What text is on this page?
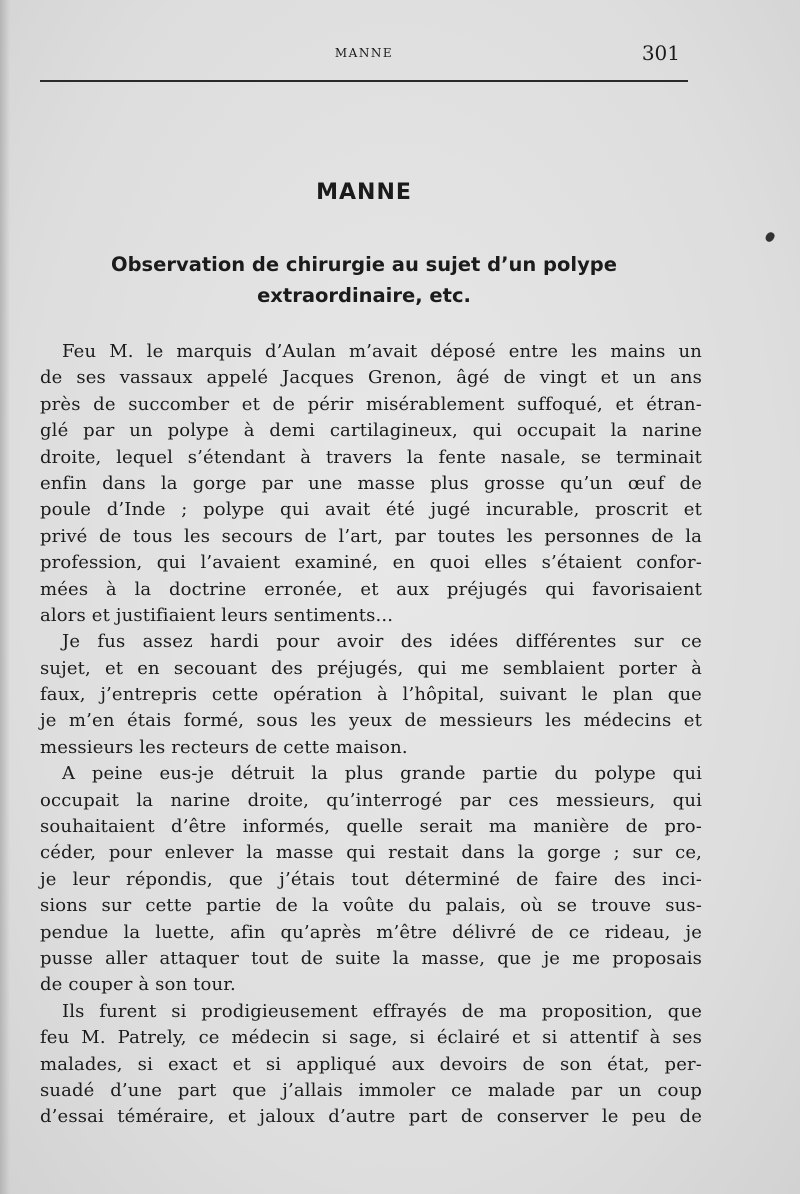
MANNE	301
MANNE
Observation de chirurgie au sujet d’un polype
extraordinaire, etc.
Feu M. le marquis d’Aulan m’avait déposé entre les mains un
de ses vassaux appelé Jacques Grenon, âgé de vingt et un ans
près de succomber et de périr misérablement suffoqué, et étran-
glé par un polype à demi cartilagineux, qui occupait la narine
droite, lequel s’étendant à travers la fente nasale, se terminait
enfin dans la gorge par une masse plus grosse qu’un œuf de
poule d’Inde ; polype qui avait été jugé incurable, proscrit et
privé de tous les secours de l’art, par toutes les personnes de la
profession, qui l’avaient examiné, en quoi elles s’étaient confor-
mées à la doctrine erronée, et aux préjugés qui favorisaient
alors et justifiaient leurs sentiments...
Je fus assez hardi pour avoir des idées différentes sur ce
sujet, et en secouant des préjugés, qui me semblaient porter à
faux, j’entrepris cette opération à l’hôpital, suivant le plan que
je m’en étais formé, sous les yeux de messieurs les médecins et
messieurs les recteurs de cette maison.
A peine eus-je détruit la plus grande partie du polype qui
occupait la narine droite, qu’interrogé par ces messieurs, qui
souhaitaient d’être informés, quelle serait ma manière de pro-
céder, pour enlever la masse qui restait dans la gorge ; sur ce,
je leur répondis, que j’étais tout déterminé de faire des inci-
sions sur cette partie de la voûte du palais, où se trouve sus-
pendue la luette, afin qu’après m’être délivré de ce rideau, je
pusse aller attaquer tout de suite la masse, que je me proposais
de couper à son tour.
Ils furent si prodigieusement effrayés de ma proposition, que
feu M. Patrely, ce médecin si sage, si éclairé et si attentif à ses
malades, si exact et si appliqué aux devoirs de son état, per-
suadé d’une part que j’allais immoler ce malade par un coup
d’essai téméraire, et jaloux d’autre part de conserver le peu de
